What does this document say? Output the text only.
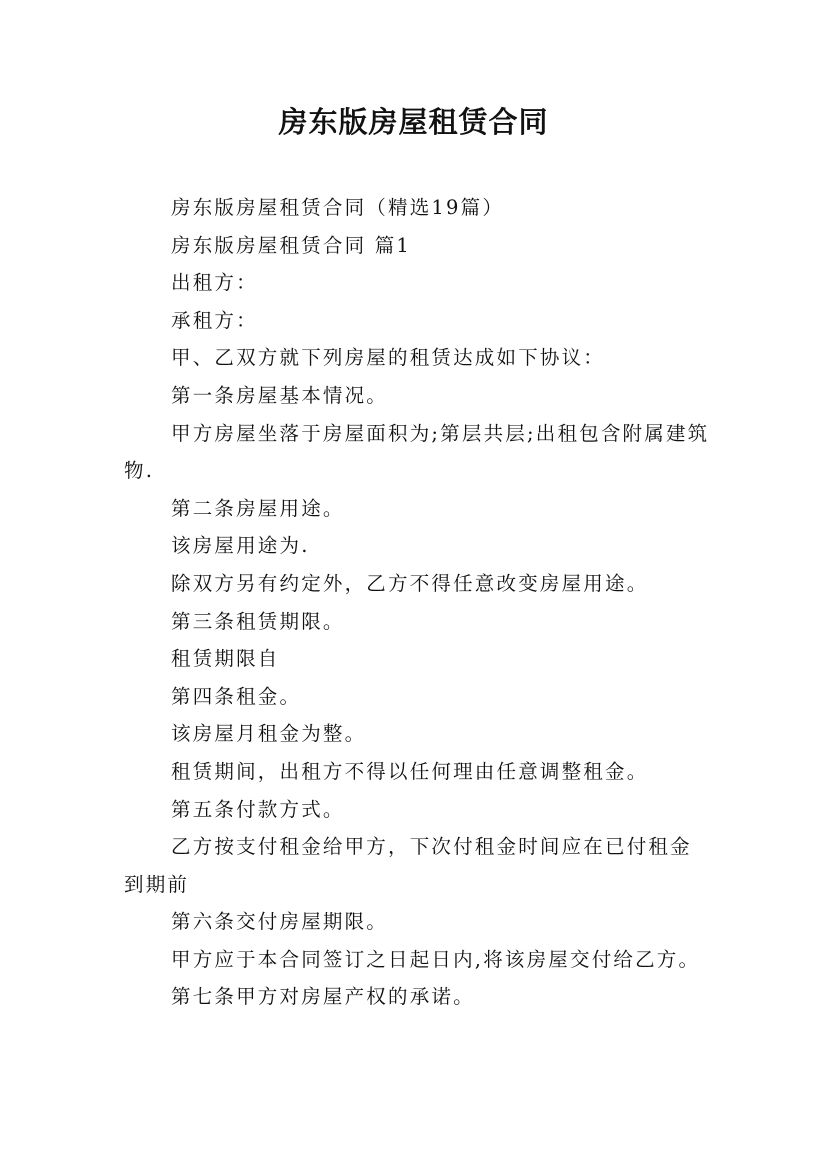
房东版房屋租赁合同

房东版房屋租赁合同（精选19篇）

房东版房屋租赁合同 篇1

出租方：

承租方：

甲、乙双方就下列房屋的租赁达成如下协议：

第一条房屋基本情况。

甲方房屋坐落于房屋面积为;第层共层;出租包含附属建筑物.

第二条房屋用途。

该房屋用途为.

除双方另有约定外，乙方不得任意改变房屋用途。

第三条租赁期限。

租赁期限自

第四条租金。

该房屋月租金为整。

租赁期间，出租方不得以任何理由任意调整租金。

第五条付款方式。

乙方按支付租金给甲方，下次付租金时间应在已付租金到期前

第六条交付房屋期限。

甲方应于本合同签订之日起日内,将该房屋交付给乙方。

第七条甲方对房屋产权的承诺。
